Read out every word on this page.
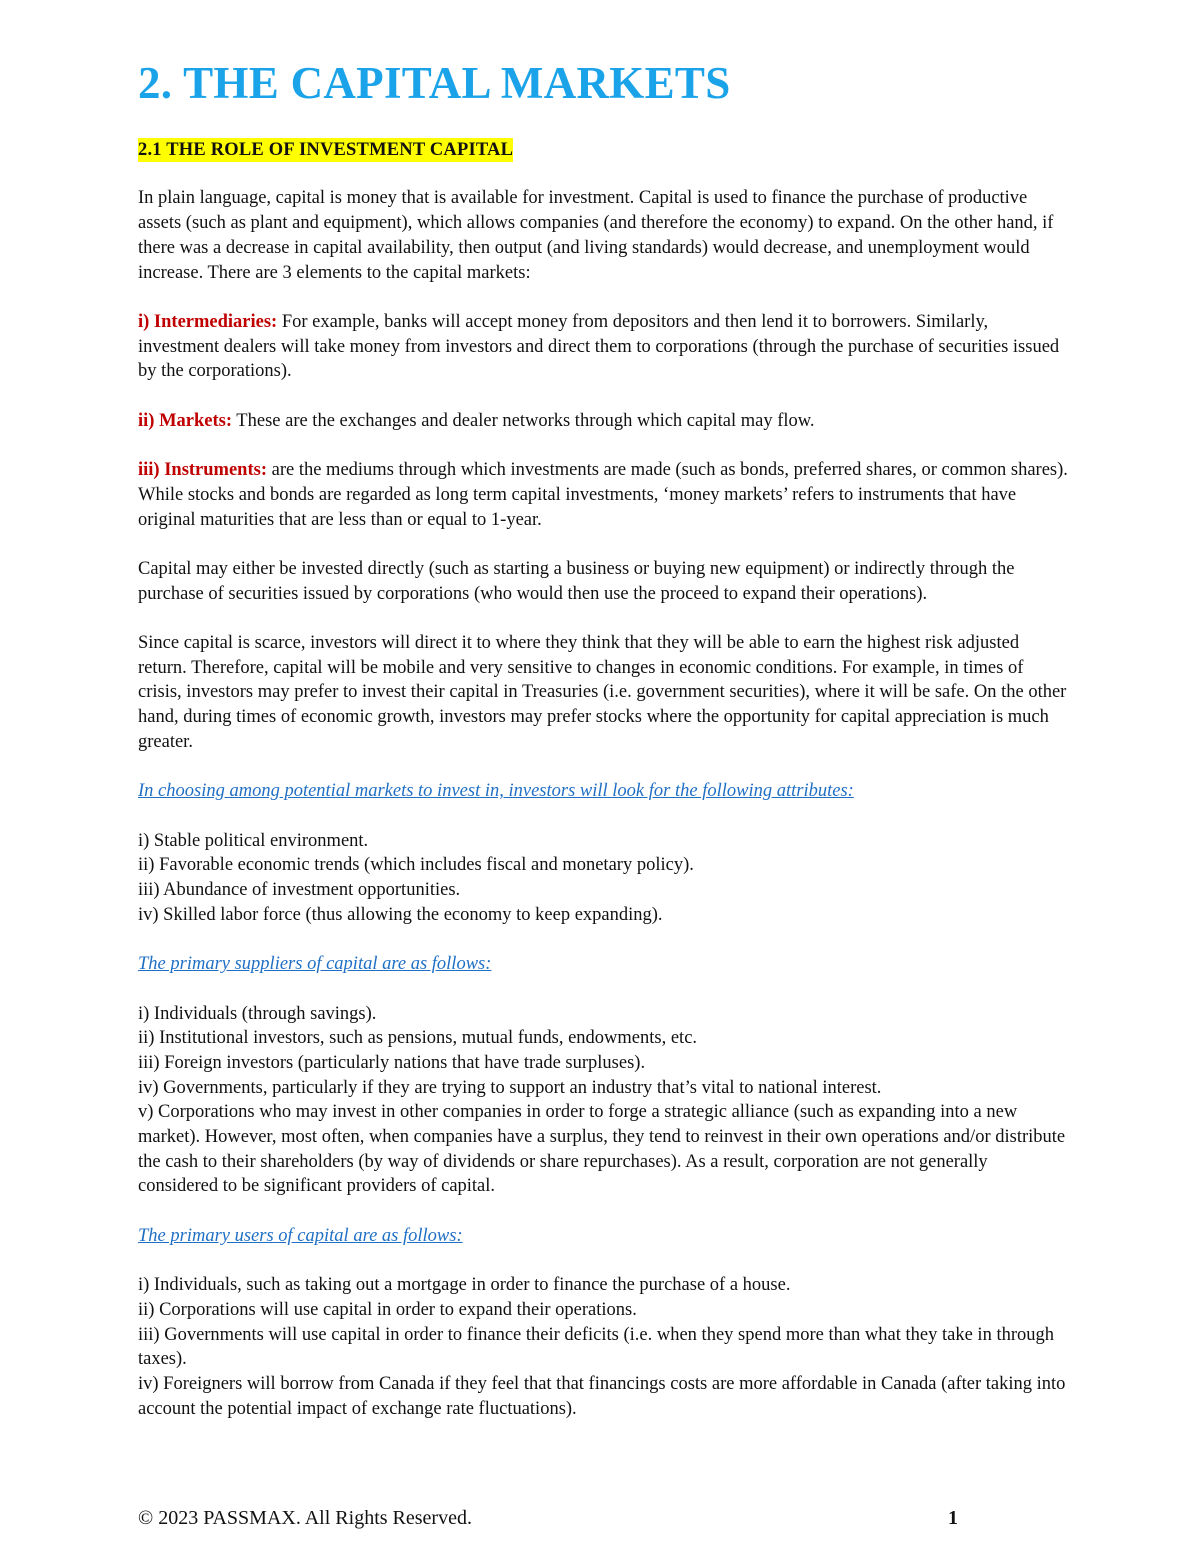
2. THE CAPITAL MARKETS
2.1 THE ROLE OF INVESTMENT CAPITAL

In plain language, capital is money that is available for investment. Capital is used to finance the purchase of productive assets (such as plant and equipment), which allows companies (and therefore the economy) to expand. On the other hand, if there was a decrease in capital availability, then output (and living standards) would decrease, and unemployment would increase. There are 3 elements to the capital markets:

i) Intermediaries: For example, banks will accept money from depositors and then lend it to borrowers. Similarly, investment dealers will take money from investors and direct them to corporations (through the purchase of securities issued by the corporations).

ii) Markets: These are the exchanges and dealer networks through which capital may flow.

iii) Instruments: are the mediums through which investments are made (such as bonds, preferred shares, or common shares). While stocks and bonds are regarded as long term capital investments, ‘money markets’ refers to instruments that have original maturities that are less than or equal to 1-year.

Capital may either be invested directly (such as starting a business or buying new equipment) or indirectly through the purchase of securities issued by corporations (who would then use the proceed to expand their operations).

Since capital is scarce, investors will direct it to where they think that they will be able to earn the highest risk adjusted return. Therefore, capital will be mobile and very sensitive to changes in economic conditions. For example, in times of crisis, investors may prefer to invest their capital in Treasuries (i.e. government securities), where it will be safe. On the other hand, during times of economic growth, investors may prefer stocks where the opportunity for capital appreciation is much greater.

In choosing among potential markets to invest in, investors will look for the following attributes:

i) Stable political environment.

ii) Favorable economic trends (which includes fiscal and monetary policy).

iii) Abundance of investment opportunities.

iv) Skilled labor force (thus allowing the economy to keep expanding).

The primary suppliers of capital are as follows:

i) Individuals (through savings).

ii) Institutional investors, such as pensions, mutual funds, endowments, etc.

iii) Foreign investors (particularly nations that have trade surpluses).

iv) Governments, particularly if they are trying to support an industry that’s vital to national interest.

v) Corporations who may invest in other companies in order to forge a strategic alliance (such as expanding into a new market). However, most often, when companies have a surplus, they tend to reinvest in their own operations and/or distribute the cash to their shareholders (by way of dividends or share repurchases). As a result, corporation are not generally considered to be significant providers of capital.

The primary users of capital are as follows:

i) Individuals, such as taking out a mortgage in order to finance the purchase of a house.

ii) Corporations will use capital in order to expand their operations.

iii) Governments will use capital in order to finance their deficits (i.e. when they spend more than what they take in through taxes).

iv) Foreigners will borrow from Canada if they feel that that financings costs are more affordable in Canada (after taking into account the potential impact of exchange rate fluctuations).

© 2023 PASSMAX. All Rights Reserved.	1
